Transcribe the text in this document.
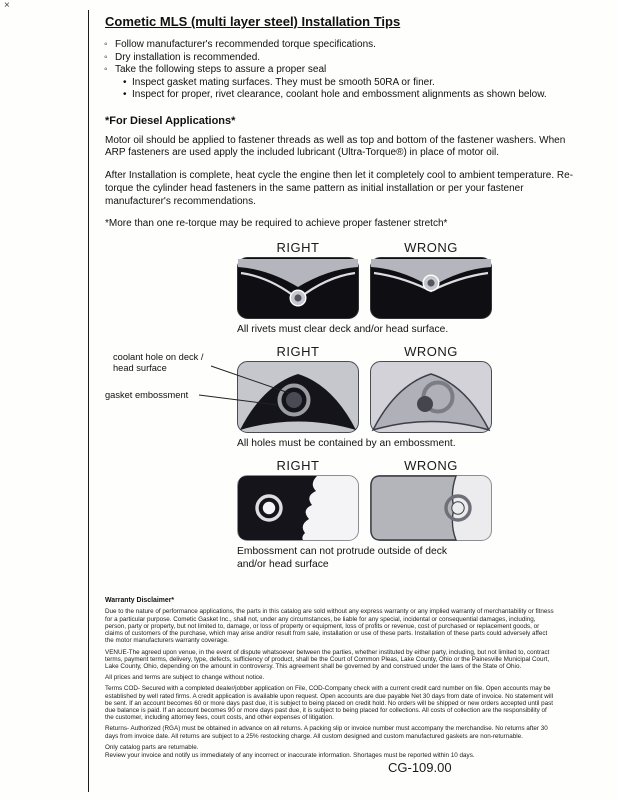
×
Cometic MLS (multi layer steel) Installation Tips
◦ Follow manufacturer's recommended torque specifications.
◦ Dry installation is recommended.
◦ Take the following steps to assure a proper seal
• Inspect gasket mating surfaces. They must be smooth 50RA or finer.
• Inspect for proper, rivet clearance, coolant hole and embossment alignments as shown below.
*For Diesel Applications*

Motor oil should be applied to fastener threads as well as top and bottom of the fastener washers. When ARP fasteners are used apply the included lubricant (Ultra-Torque®) in place of motor oil.

After Installation is complete, heat cycle the engine then let it completely cool to ambient temperature. Re-torque the cylinder head fasteners in the same pattern as initial installation or per your fastener manufacturer's recommendations.

*More than one re-torque may be required to achieve proper fastener stretch*

RIGHT	WRONG
All rivets must clear deck and/or head surface.
coolant hole on deck / head surface
gasket embossment
RIGHT	WRONG
All holes must be contained by an embossment.
RIGHT	WRONG
Embossment can not protrude outside of deck and/or head surface
Warranty Disclaimer*

Due to the nature of performance applications, the parts in this catalog are sold without any express warranty or any implied warranty of merchantability or fitness for a particular purpose. Cometic Gasket Inc., shall not, under any circumstances, be liable for any special, incidental or consequential damages, including, person, party or property, but not limited to, damage, or loss of property or equipment, loss of profits or revenue, cost of purchased or replacement goods, or claims of customers of the purchase, which may arise and/or result from sale, installation or use of these parts. Installation of these parts could adversely affect the motor manufacturers warranty coverage.

VENUE-The agreed upon venue, in the event of dispute whatsoever between the parties, whether instituted by either party, including, but not limited to, contract terms, payment terms, delivery, type, defects, sufficiency of product, shall be the Court of Common Pleas, Lake County, Ohio or the Painesville Municipal Court, Lake County, Ohio, depending on the amount in controversy. This agreement shall be governed by and construed under the laws of the State of Ohio.

All prices and terms are subject to change without notice.

Terms COD- Secured with a completed dealer/jobber application on File, COD-Company check with a current credit card number on file. Open accounts may be established by well rated firms. A credit application is available upon request. Open accounts are due payable Net 30 days from date of invoice. No statement will be sent. If an account becomes 60 or more days past due, it is subject to being placed on credit hold. No orders will be shipped or new orders accepted until past due balance is paid. If an account becomes 90 or more days past due, it is subject to being placed for collections. All costs of collection are the responsibility of the customer, including attorney fees, court costs, and other expenses of litigation.

Returns- Authorized (RGA) must be obtained in advance on all returns. A packing slip or invoice number must accompany the merchandise. No returns after 30 days from invoice date. All returns are subject to a 25% restocking charge. All custom designed and custom manufactured gaskets are non-returnable.

Only catalog parts are returnable.

Review your invoice and notify us immediately of any incorrect or inaccurate information. Shortages must be reported within 10 days.

CG-109.00
